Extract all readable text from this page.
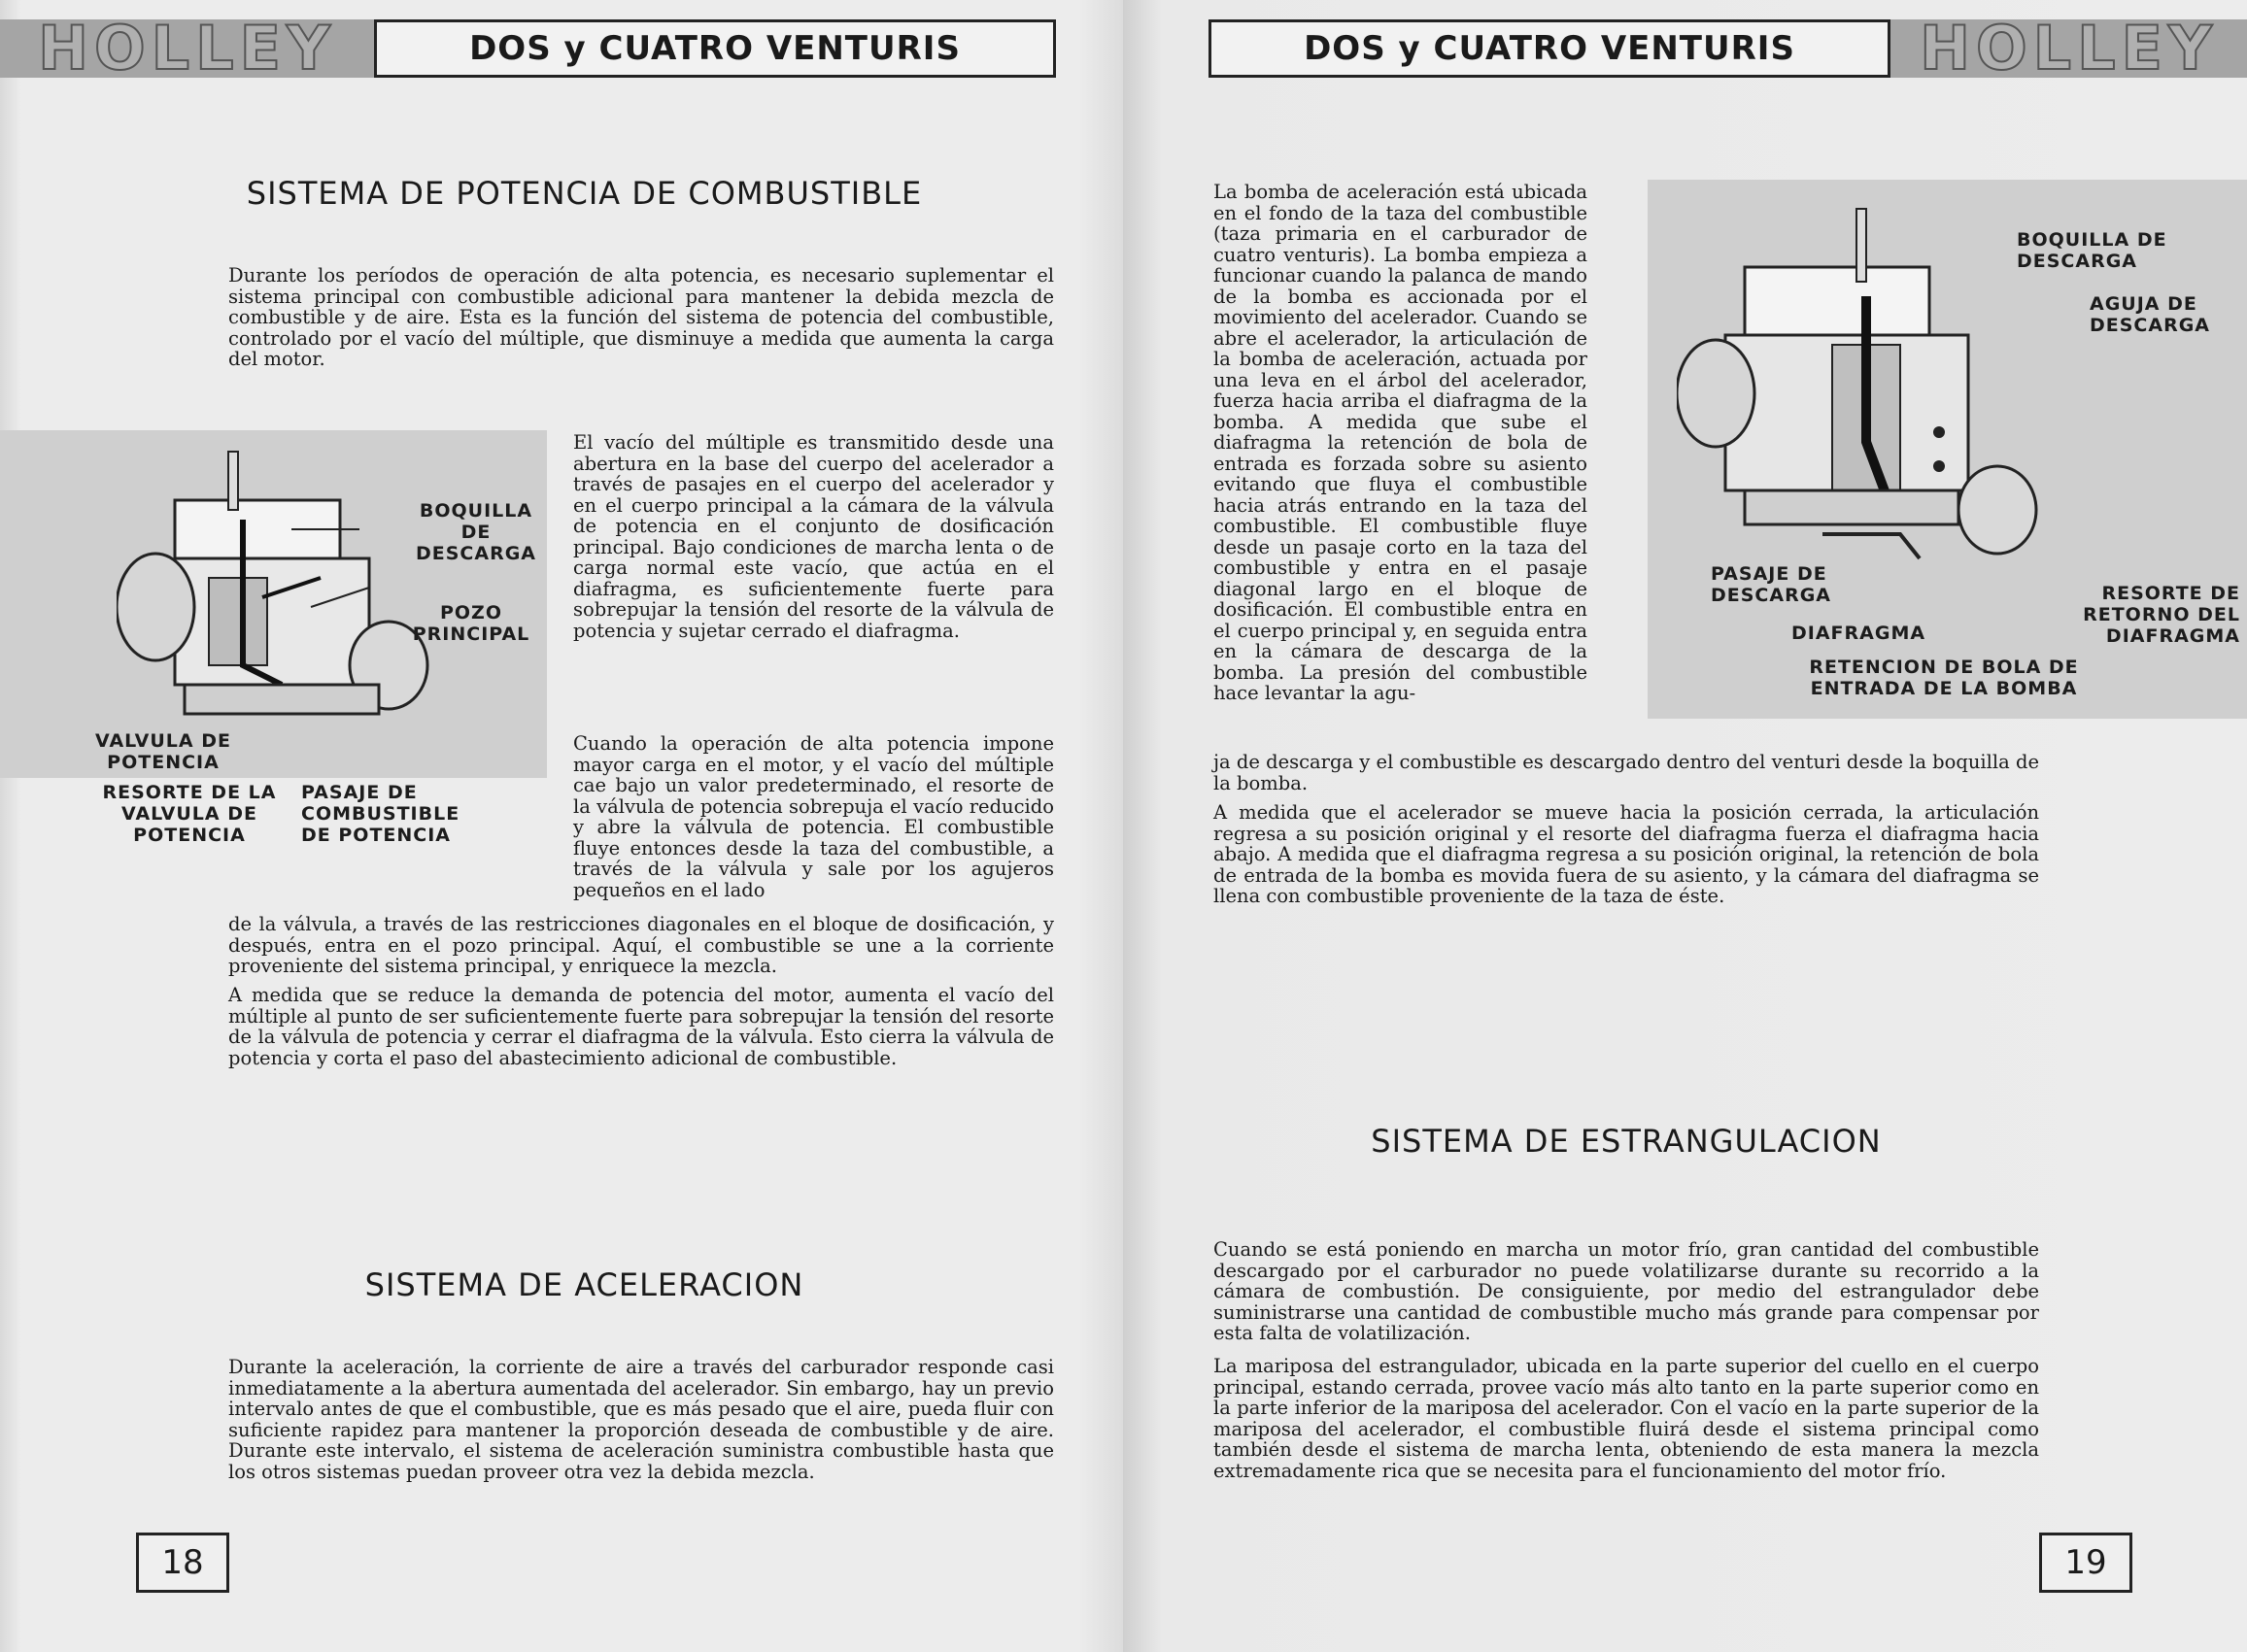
HOLLEY	DOS y CUATRO VENTURIS
SISTEMA DE POTENCIA DE COMBUSTIBLE

Durante los períodos de operación de alta potencia, es necesario suplementar el sistema principal con combustible adicional para mantener la debida mezcla de combustible y de aire. Esta es la función del sistema de potencia del combustible, controlado por el vacío del múltiple, que disminuye a medida que aumenta la carga del motor.

BOQUILLA DE DESCARGA
POZO PRINCIPAL
VALVULA DE POTENCIA
RESORTE DE LA VALVULA DE POTENCIA
PASAJE DE COMBUSTIBLE DE POTENCIA

El vacío del múltiple es transmitido desde una abertura en la base del cuerpo del acelerador a través de pasajes en el cuerpo del acelerador y en el cuerpo principal a la cámara de la válvula de potencia en el conjunto de dosificación principal. Bajo condiciones de marcha lenta o de carga normal este vacío, que actúa en el diafragma, es suficientemente fuerte para sobrepujar la tensión del resorte de la válvula de potencia y sujetar cerrado el diafragma.

Cuando la operación de alta potencia impone mayor carga en el motor, y el vacío del múltiple cae bajo un valor predeterminado, el resorte de la válvula de potencia sobrepuja el vacío reducido y abre la válvula de potencia. El combustible fluye entonces desde la taza del combustible, a través de la válvula y sale por los agujeros pequeños en el lado

de la válvula, a través de las restricciones diagonales en el bloque de dosificación, y después, entra en el pozo principal. Aquí, el combustible se une a la corriente proveniente del sistema principal, y enriquece la mezcla.

A medida que se reduce la demanda de potencia del motor, aumenta el vacío del múltiple al punto de ser suficientemente fuerte para sobrepujar la tensión del resorte de la válvula de potencia y cerrar el diafragma de la válvula. Esto cierra la válvula de potencia y corta el paso del abastecimiento adicional de combustible.

SISTEMA DE ACELERACION

Durante la aceleración, la corriente de aire a través del carburador responde casi inmediatamente a la abertura aumentada del acelerador. Sin embargo, hay un previo intervalo antes de que el combustible, que es más pesado que el aire, pueda fluir con suficiente rapidez para mantener la proporción deseada de combustible y de aire. Durante este intervalo, el sistema de aceleración suministra combustible hasta que los otros sistemas puedan proveer otra vez la debida mezcla.

18
DOS y CUATRO VENTURIS	HOLLEY

La bomba de aceleración está ubicada en el fondo de la taza del combustible (taza primaria en el carburador de cuatro venturis). La bomba empieza a funcionar cuando la palanca de mando de la bomba es accionada por el movimiento del acelerador. Cuando se abre el acelerador, la articulación de la bomba de aceleración, actuada por una leva en el árbol del acelerador, fuerza hacia arriba el diafragma de la bomba. A medida que sube el diafragma la retención de bola de entrada es forzada sobre su asiento evitando que fluya el combustible hacia atrás entrando en la taza del combustible. El combustible fluye desde un pasaje corto en la taza del combustible y entra en el pasaje diagonal largo en el bloque de dosificación. El combustible entra en el cuerpo principal y, en seguida entra en la cámara de descarga de la bomba. La presión del combustible hace levantar la agu-

BOQUILLA DE DESCARGA
AGUJA DE DESCARGA
PASAJE DE DESCARGA	RESORTE DE RETORNO DEL DIAFRAGMA
DIAFRAGMA
RETENCION DE BOLA DE ENTRADA DE LA BOMBA

ja de descarga y el combustible es descargado dentro del venturi desde la boquilla de la bomba.

A medida que el acelerador se mueve hacia la posición cerrada, la articulación regresa a su posición original y el resorte del diafragma fuerza el diafragma hacia abajo. A medida que el diafragma regresa a su posición original, la retención de bola de entrada de la bomba es movida fuera de su asiento, y la cámara del diafragma se llena con combustible proveniente de la taza de éste.

SISTEMA DE ESTRANGULACION

Cuando se está poniendo en marcha un motor frío, gran cantidad del combustible descargado por el carburador no puede volatilizarse durante su recorrido a la cámara de combustión. De consiguiente, por medio del estrangulador debe suministrarse una cantidad de combustible mucho más grande para compensar por esta falta de volatilización.

La mariposa del estrangulador, ubicada en la parte superior del cuello en el cuerpo principal, estando cerrada, provee vacío más alto tanto en la parte superior como en la parte inferior de la mariposa del acelerador. Con el vacío en la parte superior de la mariposa del acelerador, el combustible fluirá desde el sistema principal como también desde el sistema de marcha lenta, obteniendo de esta manera la mezcla extremadamente rica que se necesita para el funcionamiento del motor frío.

19
